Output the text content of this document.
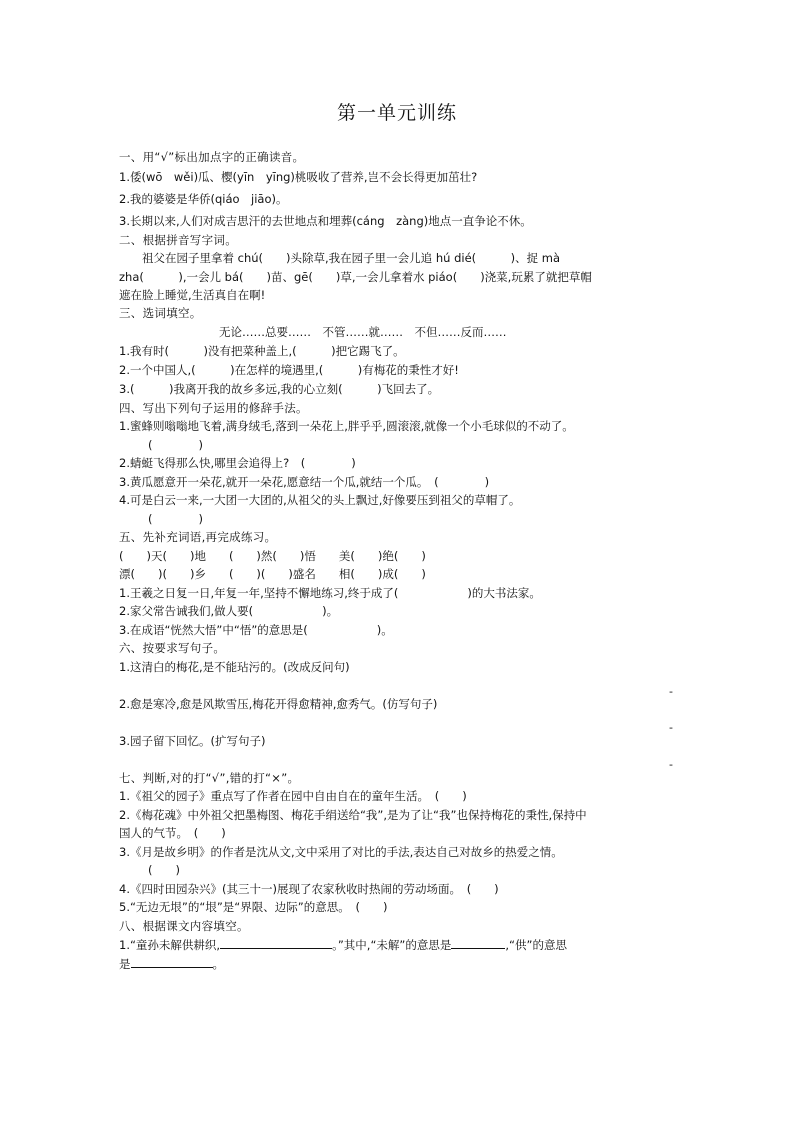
第一单元训练
一、用“√”标出加点字的正确读音。
1.倭(wō　wěi)瓜、樱(yīn　yīng)桃吸收了营养,岂不会长得更加茁壮?
2.我的婆婆是华侨(qiáo　jiāo)。
3.长期以来,人们对成吉思汗的去世地点和埋葬(cáng　zàng)地点一直争论不休。
二、根据拼音写字词。
　　祖父在园子里拿着 chú(　　)头除草,我在园子里一会儿追 hú dié(　　　)、捉 mà
zha(　　　),一会儿 bá(　　)苗、gē(　　)草,一会儿拿着水 piáo(　　)浇菜,玩累了就把草帽
遮在脸上睡觉,生活真自在啊!
三、选词填空。
无论……总要……　不管……就……　不但……反而……
1.我有时(　　　)没有把菜种盖上,(　　　)把它踢飞了。
2.一个中国人,(　　　)在怎样的境遇里,(　　　)有梅花的秉性才好!
3.(　　　)我离开我的故乡多远,我的心立刻(　　　)飞回去了。
四、写出下列句子运用的修辞手法。
1.蜜蜂则嗡嗡地飞着,满身绒毛,落到一朵花上,胖乎乎,圆滚滚,就像一个小毛球似的不动了。
(　　　　)
2.蜻蜓飞得那么快,哪里会追得上?　(　　　　)
3.黄瓜愿意开一朵花,就开一朵花,愿意结一个瓜,就结一个瓜。　(　　　　)
4.可是白云一来,一大团一大团的,从祖父的头上飘过,好像要压到祖父的草帽了。
(　　　　)
五、先补充词语,再完成练习。
(　　)天(　　)地　　(　　)然(　　)悟　　美(　　)绝(　　)
漂(　　)(　　)乡　　(　　)(　　)盛名　　相(　　)成(　　)
1.王羲之日复一日,年复一年,坚持不懈地练习,终于成了(　　　　　　)的大书法家。
2.家父常告诫我们,做人要(　　　　　　)。
3.在成语“恍然大悟”中“悟”的意思是(　　　　　　)。
六、按要求写句子。
1.这清白的梅花,是不能玷污的。(改成反问句)
-
2.愈是寒冷,愈是风欺雪压,梅花开得愈精神,愈秀气。(仿写句子)
-
3.园子留下回忆。(扩写句子)
-
七、判断,对的打“√”,错的打“×”。
1.《祖父的园子》重点写了作者在园中自由自在的童年生活。　(　　)
2.《梅花魂》中外祖父把墨梅图、梅花手绢送给“我”,是为了让“我”也保持梅花的秉性,保持中
国人的气节。　(　　)
3.《月是故乡明》的作者是沈从文,文中采用了对比的手法,表达自己对故乡的热爱之情。
(　　)
4.《四时田园杂兴》(其三十一)展现了农家秋收时热闹的劳动场面。　(　　)
5.“无边无垠”的“垠”是“界限、边际”的意思。　(　　)
八、根据课文内容填空。
1.“童孙未解供耕织,	。”其中,“未解”的意思是	,“供”的意思
是	。
